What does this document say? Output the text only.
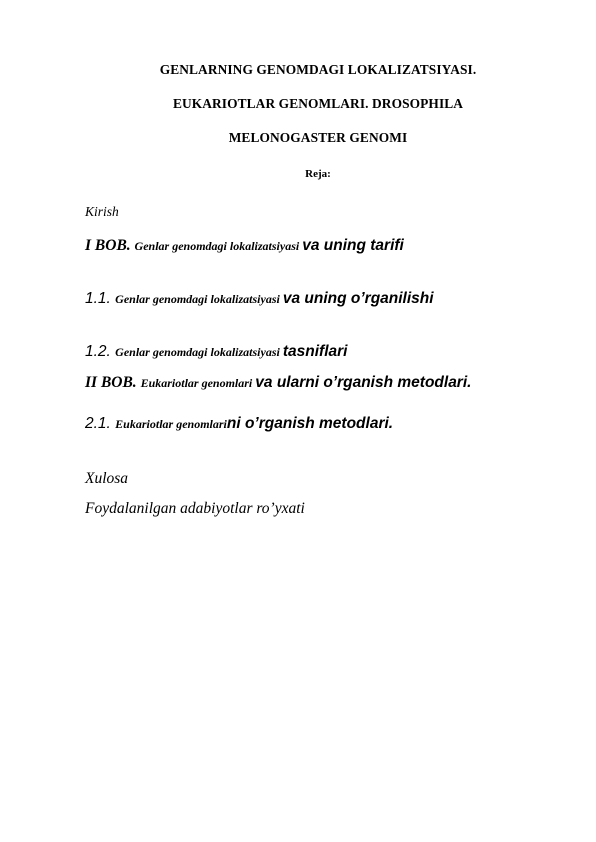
GENLARNING GENOMDAGI LOKALIZATSIYASI.
EUKARIOTLAR GENOMLARI. DROSOPHILA
MELONOGASTER GENOMI
Reja:
Kirish
I BOB. Genlar genomdagi lokalizatsiyasi va uning tarifi
1.1. Genlar genomdagi lokalizatsiyasi va uning o’rganilishi
1.2. Genlar genomdagi lokalizatsiyasi tasniflari
II BOB. Eukariotlar genomlari va ularni o’rganish metodlari.
2.1. Eukariotlar genomlarini o’rganish metodlari.
Xulosa
Foydalanilgan adabiyotlar ro’yxati
